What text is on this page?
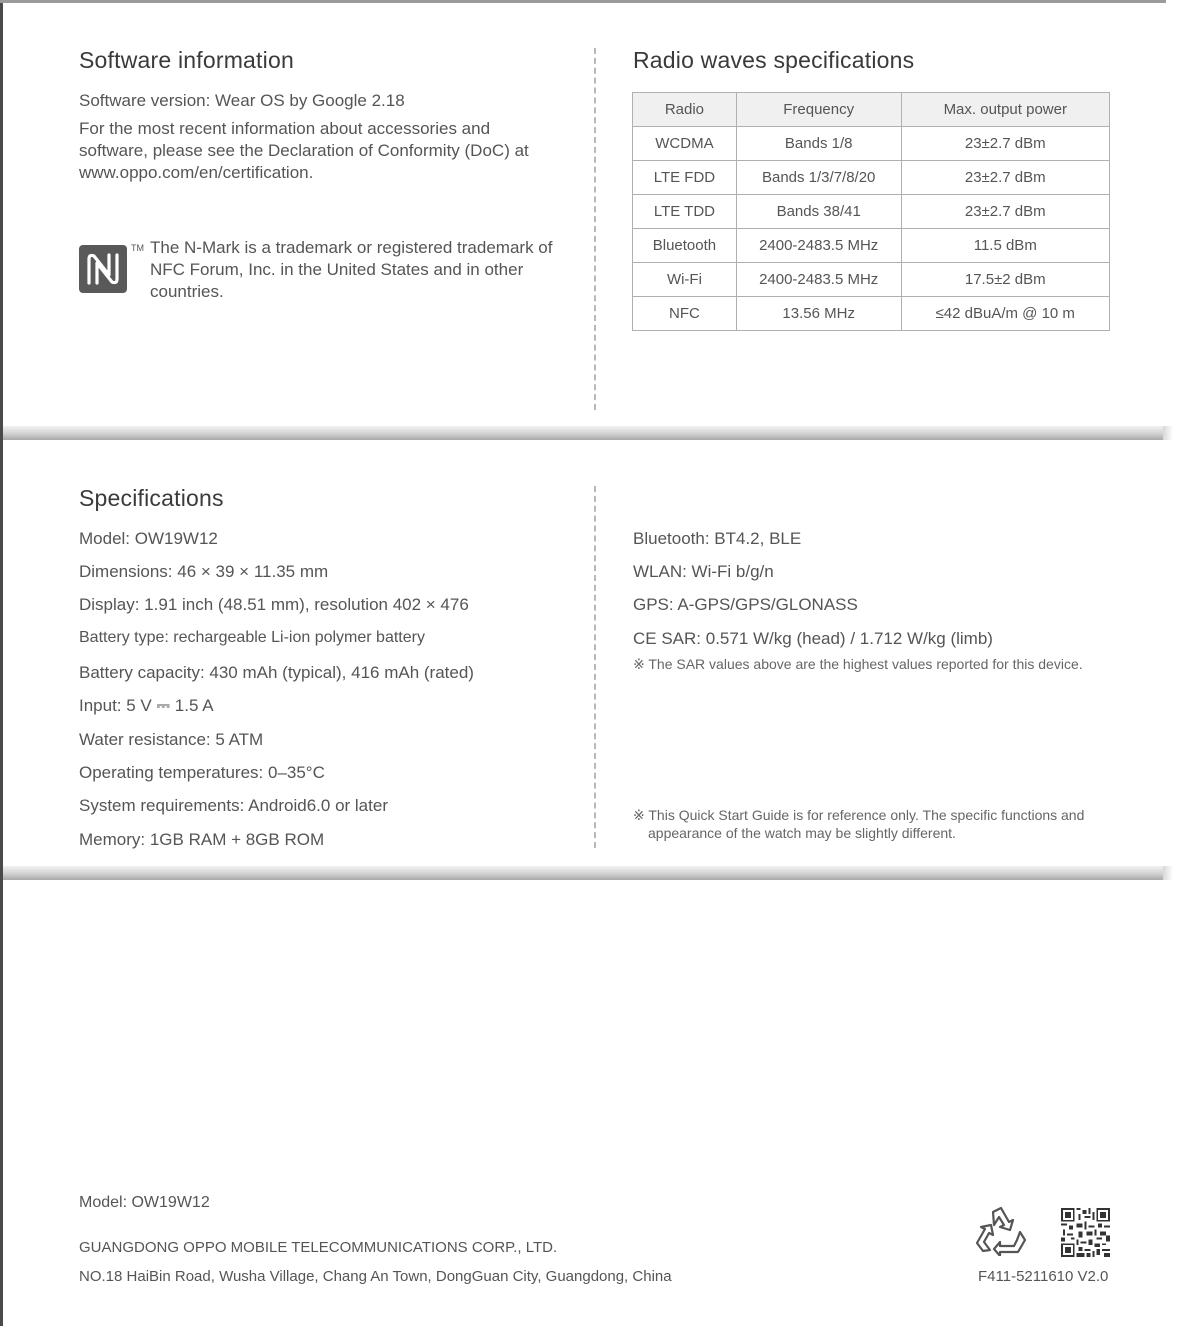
Software information
Software version: Wear OS by Google 2.18
For the most recent information about accessories and software, please see the Declaration of Conformity (DoC) at www.oppo.com/en/certification.
TM The N-Mark is a trademark or registered trademark of NFC Forum, Inc. in the United States and in other countries.
Radio waves specifications
Radio	Frequency	Max. output power
WCDMA	Bands 1/8	23±2.7 dBm
LTE FDD	Bands 1/3/7/8/20	23±2.7 dBm
LTE TDD	Bands 38/41	23±2.7 dBm
Bluetooth	2400-2483.5 MHz	11.5 dBm
Wi-Fi	2400-2483.5 MHz	17.5±2 dBm
NFC	13.56 MHz	≤42 dBuA/m @ 10 m
Specifications
Model: OW19W12
Dimensions: 46 × 39 × 11.35 mm
Display: 1.91 inch (48.51 mm), resolution 402 × 476
Battery type: rechargeable Li-ion polymer battery
Battery capacity: 430 mAh (typical), 416 mAh (rated)
Input: 5 V ⎓ 1.5 A
Water resistance: 5 ATM
Operating temperatures: 0–35°C
System requirements: Android6.0 or later
Memory: 1GB RAM + 8GB ROM
Bluetooth: BT4.2, BLE
WLAN: Wi-Fi b/g/n
GPS: A-GPS/GPS/GLONASS
CE SAR: 0.571 W/kg (head) / 1.712 W/kg (limb)
※ The SAR values above are the highest values reported for this device.
※ This Quick Start Guide is for reference only. The specific functions and
appearance of the watch may be slightly different.
Model: OW19W12
GUANGDONG OPPO MOBILE TELECOMMUNICATIONS CORP., LTD.
NO.18 HaiBin Road, Wusha Village, Chang An Town, DongGuan City, Guangdong, China	F411-5211610 V2.0
